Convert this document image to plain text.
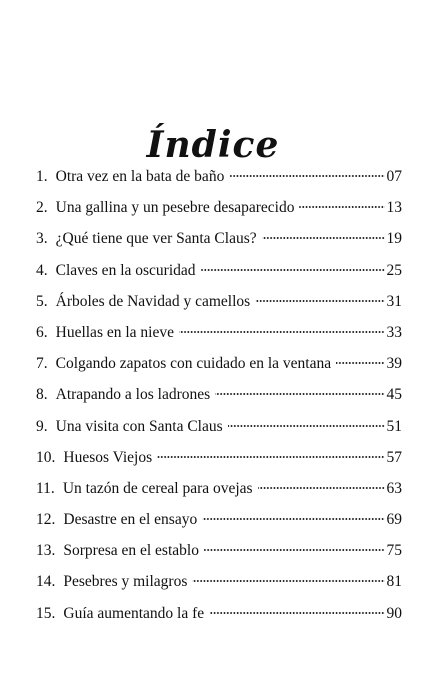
Índice
1. Otra vez en la bata de baño	07
2. Una gallina y un pesebre desaparecido	13
3. ¿Qué tiene que ver Santa Claus?	19
4. Claves en la oscuridad	25
5. Árboles de Navidad y camellos	31
6. Huellas en la nieve	33
7. Colgando zapatos con cuidado en la ventana	39
8. Atrapando a los ladrones	45
9. Una visita con Santa Claus	51
10. Huesos Viejos	57
11. Un tazón de cereal para ovejas	63
12. Desastre en el ensayo	69
13. Sorpresa en el establo	75
14. Pesebres y milagros	81
15. Guía aumentando la fe	90
